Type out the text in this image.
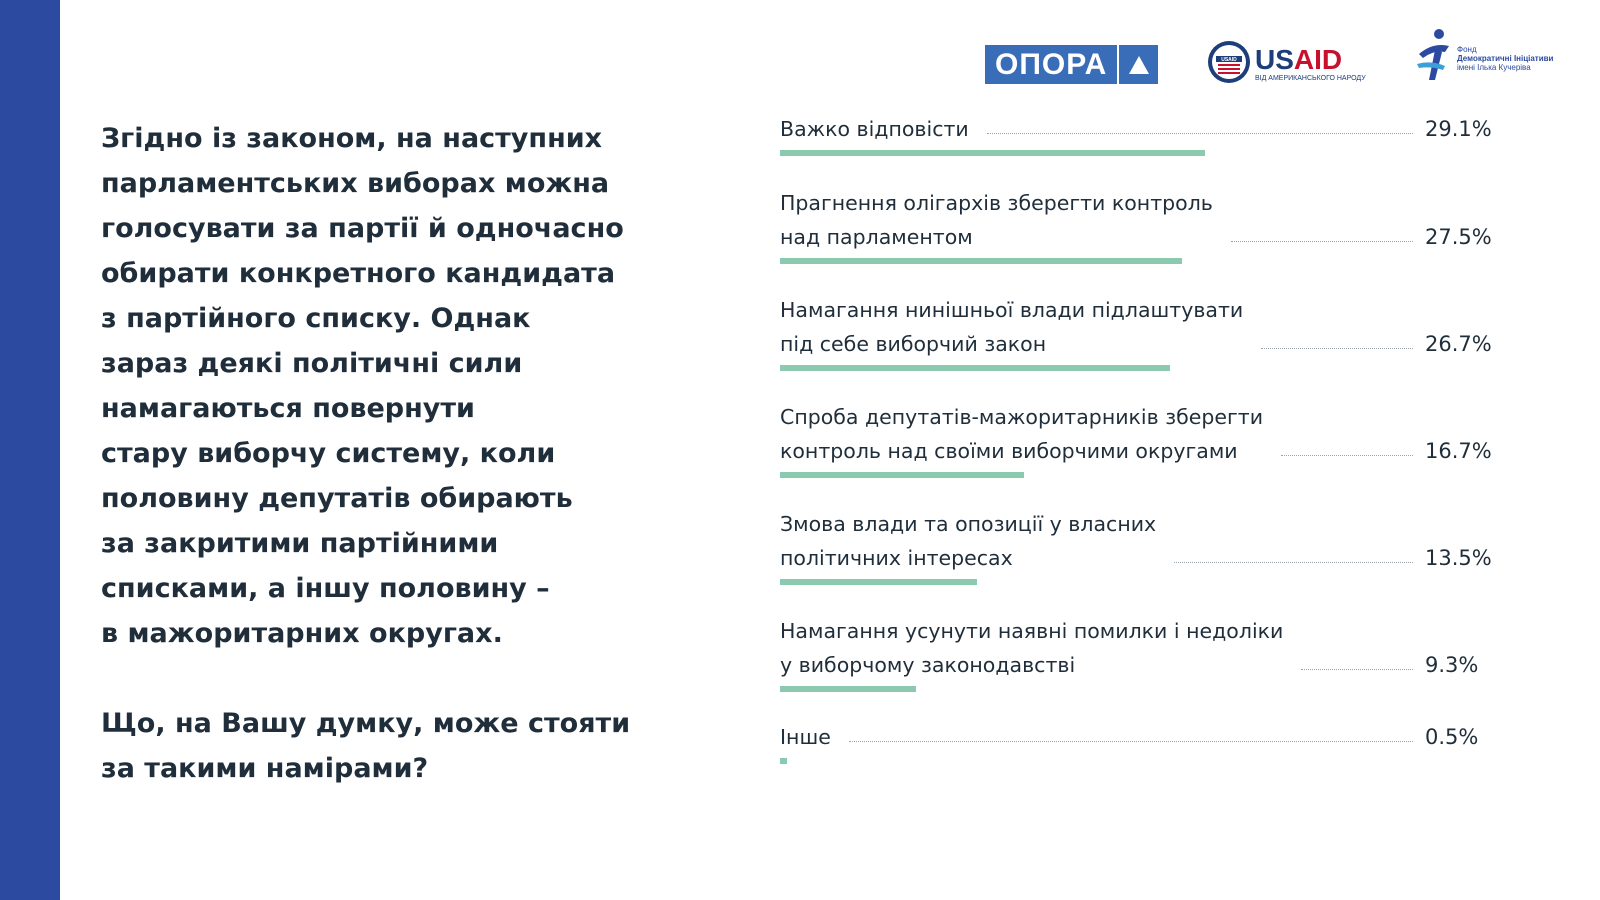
ОПОРА	USAID USAID
ВІД АМЕРИКАНСЬКОГО НАРОДУ
Фонд
Демократичні Ініціативи
імені Ілька Кучеріва

Згідно із законом, на наступних
парламентських виборах можна
голосувати за партії й одночасно
обирати конкретного кандидата
з партійного списку. Однак
зараз деякі політичні сили
намагаються повернути
стару виборчу систему, коли
половину депутатів обирають
за закритими партійними
списками, а іншу половину –
в мажоритарних округах.

Що, на Вашу думку, може стояти
за такими намірами?

Важко відповісти	29.1%
Прагнення олігархів зберегти контроль
над парламентом	27.5%
Намагання нинішньої влади підлаштувати
під себе виборчий закон	26.7%
Спроба депутатів-мажоритарників зберегти
контроль над своїми виборчими округами	16.7%
Змова влади та опозиції у власних
політичних інтересах	13.5%
Намагання усунути наявні помилки і недоліки
у виборчому законодавстві	9.3%
Інше	0.5%
